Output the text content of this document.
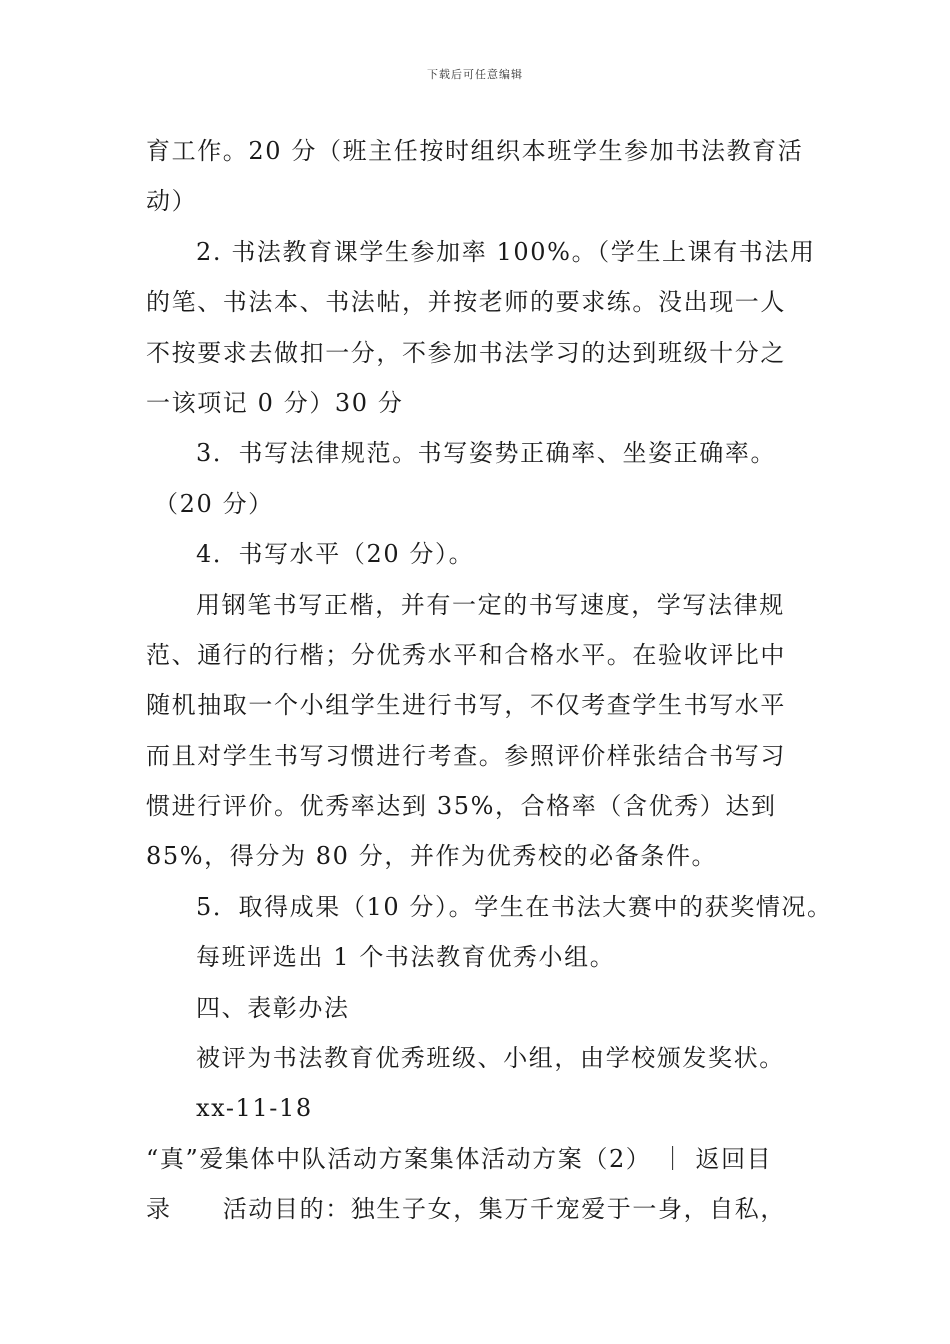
下载后可任意编辑
育工作。20 分（班主任按时组织本班学生参加书法教育活
动）
2. 书法教育课学生参加率 100%。（学生上课有书法用
的笔、书法本、书法帖，并按老师的要求练。没出现一人
不按要求去做扣一分，不参加书法学习的达到班级十分之
一该项记 0 分）30 分
3．书写法律规范。书写姿势正确率、坐姿正确率。
（20 分）
4．书写水平（20 分）。
用钢笔书写正楷，并有一定的书写速度，学写法律规
范、通行的行楷；分优秀水平和合格水平。在验收评比中
随机抽取一个小组学生进行书写，不仅考查学生书写水平
而且对学生书写习惯进行考查。参照评价样张结合书写习
惯进行评价。优秀率达到 35%，合格率（含优秀）达到
85%，得分为 80 分，并作为优秀校的必备条件。
5．取得成果（10 分）。学生在书法大赛中的获奖情况。
每班评选出 1 个书法教育优秀小组。
四、表彰办法
被评为书法教育优秀班级、小组，由学校颁发奖状。
xx-11-18
“真”爱集体中队活动方案集体活动方案（2） ｜ 返回目
录　　活动目的：独生子女，集万千宠爱于一身，自私，
